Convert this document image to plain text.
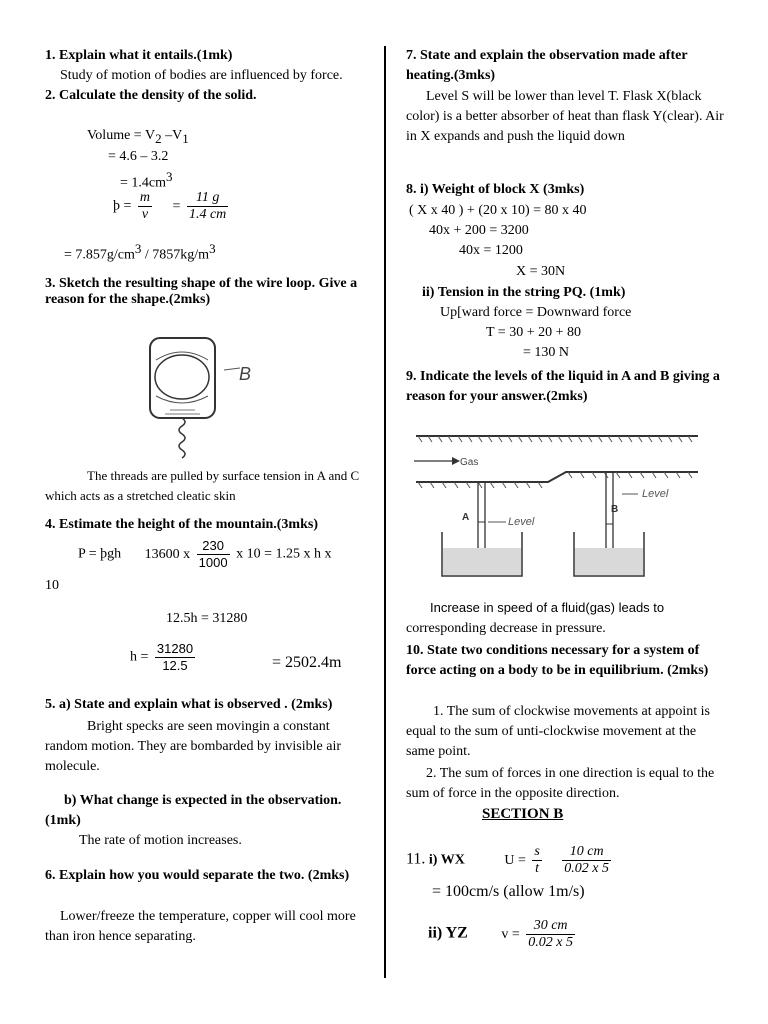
1. Explain what it entails.(1mk)

Study of motion of bodies are influenced by force.

2. Calculate the density of the solid.

Volume = $V_2$ $-V_1$
= 4.6 – 3.2
= $1.4cm^3$
þ = $\frac{m}{v} = \frac{11 g}{1.4 cm}$
= $7.857g/cm^3 / 7857kg/m^3$
3. Sketch the resulting shape of the wire loop. Give a reason for the shape.(2mks)
B
The threads are pulled by surface tension in A and C which acts as a stretched cleatic skin
4. Estimate the height of the mountain.(3mks)
P = þgh 13600 x $\frac{230}{1000}$ x 10 = 1.25 x h x
10
12.5h = 31280
$h = \frac{31280}{12.5}$	= 2502.4m
5. a) State and explain what is observed . (2mks)
Bright specks are seen movingin a constant random motion. They are bombarded by invisible air molecule.
b) What change is expected in the observation. (1mk)
The rate of motion increases.
6. Explain how you would separate the two. (2mks)
Lower/freeze the temperature, copper will cool more than iron hence separating.
7. State and explain the observation made after heating.(3mks)
Level S will be lower than level T. Flask X(black color) is a better absorber of heat than flask Y(clear). Air in X expands and push the liquid down
8. i) Weight of block X (3mks)
( X x 40 ) + (20 x 10) = 80 x 40
40x + 200 = 3200
40x = 1200
X = 30N
ii) Tension in the string PQ. (1mk)
Up[ward force = Downward force
T = 30 + 20 + 80
= 130 N
9. Indicate the levels of the liquid in A and B giving a reason for your answer.(2mks)
Gas
A	Level
B
Level
Increase in speed of a fluid(gas) leads to
corresponding decrease in pressure.
10. State two conditions necessary for a system of force acting on a body to be in equilibrium. (2mks)
1. The sum of clockwise movements at appoint is equal to the sum of unti-clockwise movement at the same point.
2. The sum of forces in one direction is equal to the sum of force in the opposite direction.
SECTION B
11. i) WX	$U = \frac{s}{t}$
$\frac{10 cm}{0.02 x 5}$
= 100cm/s (allow 1m/s)
ii) YZ $v = \frac{30 cm}{0.02 x 5}$
